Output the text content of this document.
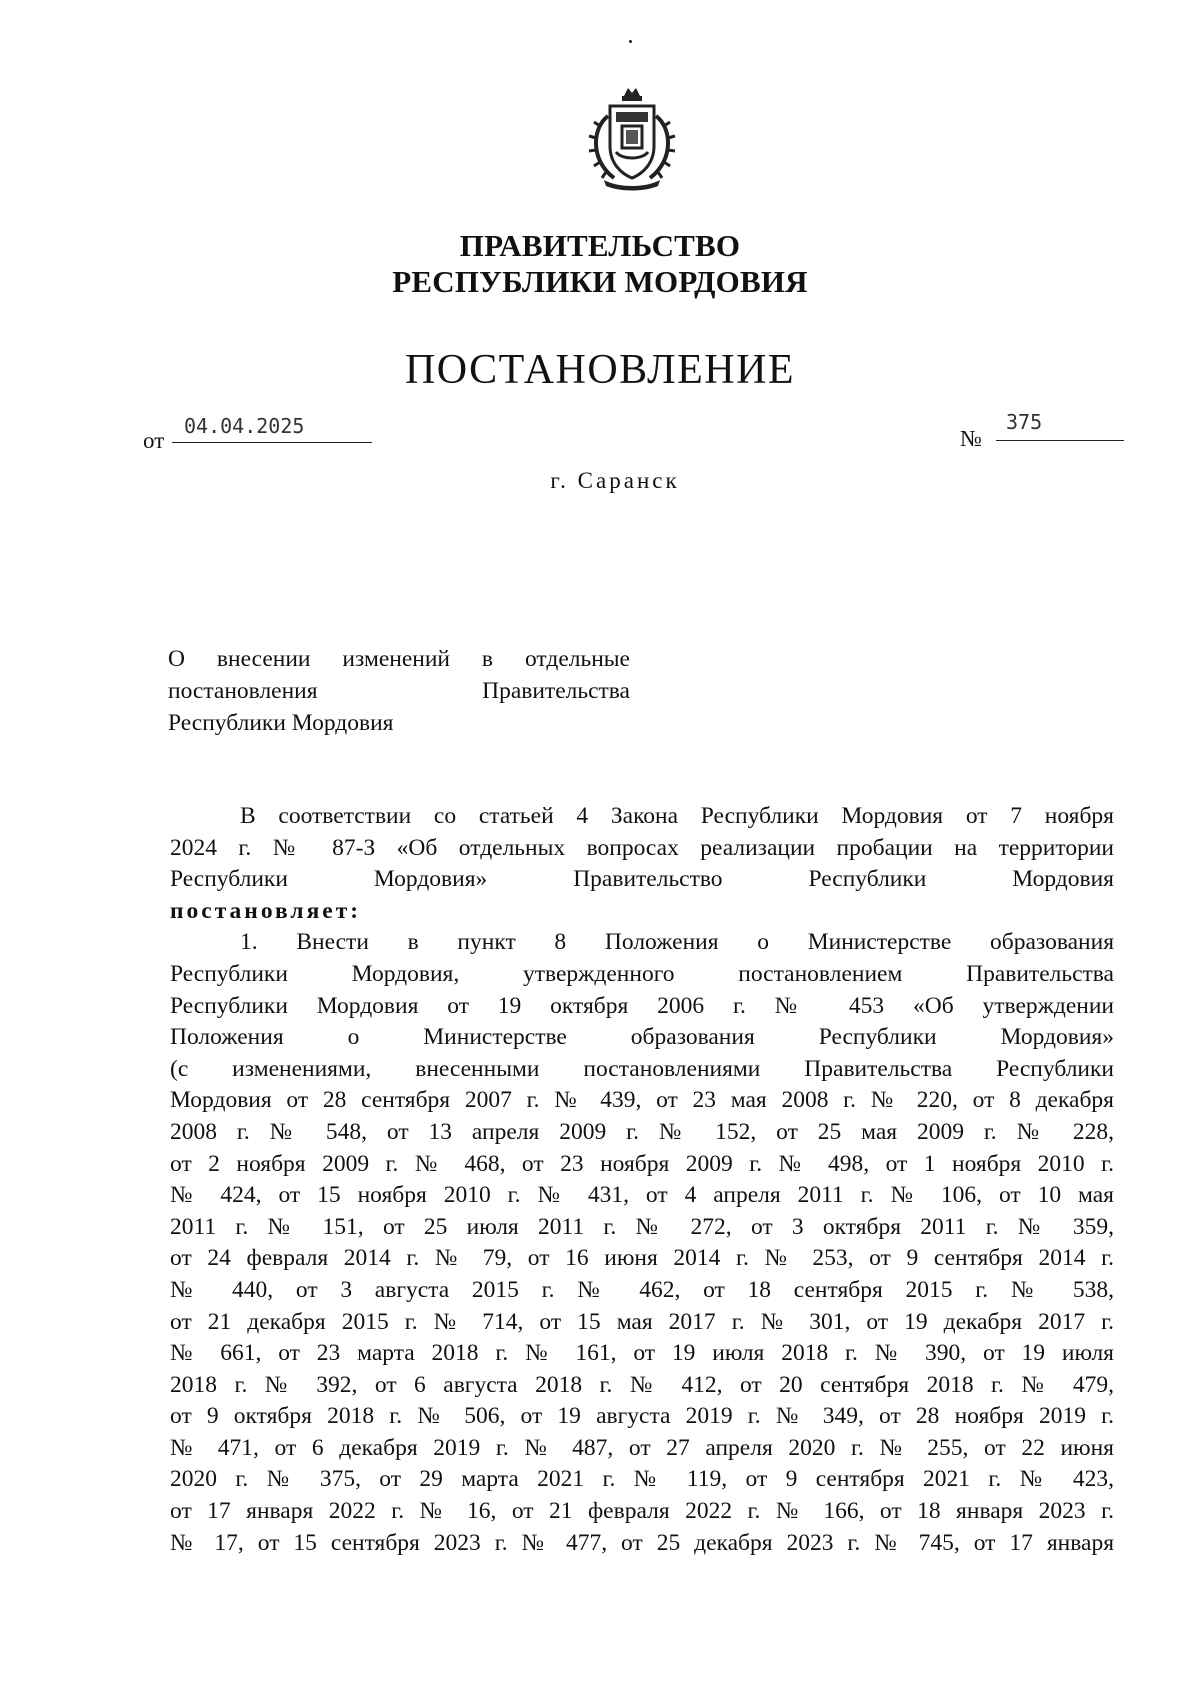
ПРАВИТЕЛЬСТВО
РЕСПУБЛИКИ МОРДОВИЯ
ПОСТАНОВЛЕНИЕ
от
04.04.2025	№
375
г. Саранск
О внесении изменений в отдельные
постановления Правительства
Республики Мордовия
В соответствии со статьей 4 Закона Республики Мордовия от 7 ноября
2024 г. № 87-З «Об отдельных вопросах реализации пробации на территории
Республики Мордовия» Правительство Республики Мордовия
постановляет:
1. Внести в пункт 8 Положения о Министерстве образования
Республики Мордовия, утвержденного постановлением Правительства
Республики Мордовия от 19 октября 2006 г. № 453 «Об утверждении
Положения о Министерстве образования Республики Мордовия»
(с изменениями, внесенными постановлениями Правительства Республики
Мордовия от 28 сентября 2007 г. № 439, от 23 мая 2008 г. № 220, от 8 декабря
2008 г. № 548, от 13 апреля 2009 г. № 152, от 25 мая 2009 г. № 228,
от 2 ноября 2009 г. № 468, от 23 ноября 2009 г. № 498, от 1 ноября 2010 г.
№ 424, от 15 ноября 2010 г. № 431, от 4 апреля 2011 г. № 106, от 10 мая
2011 г. № 151, от 25 июля 2011 г. № 272, от 3 октября 2011 г. № 359,
от 24 февраля 2014 г. № 79, от 16 июня 2014 г. № 253, от 9 сентября 2014 г.
№ 440, от 3 августа 2015 г. № 462, от 18 сентября 2015 г. № 538,
от 21 декабря 2015 г. № 714, от 15 мая 2017 г. № 301, от 19 декабря 2017 г.
№ 661, от 23 марта 2018 г. № 161, от 19 июля 2018 г. № 390, от 19 июля
2018 г. № 392, от 6 августа 2018 г. № 412, от 20 сентября 2018 г. № 479,
от 9 октября 2018 г. № 506, от 19 августа 2019 г. № 349, от 28 ноября 2019 г.
№ 471, от 6 декабря 2019 г. № 487, от 27 апреля 2020 г. № 255, от 22 июня
2020 г. № 375, от 29 марта 2021 г. № 119, от 9 сентября 2021 г. № 423,
от 17 января 2022 г. № 16, от 21 февраля 2022 г. № 166, от 18 января 2023 г.
№ 17, от 15 сентября 2023 г. № 477, от 25 декабря 2023 г. № 745, от 17 января
